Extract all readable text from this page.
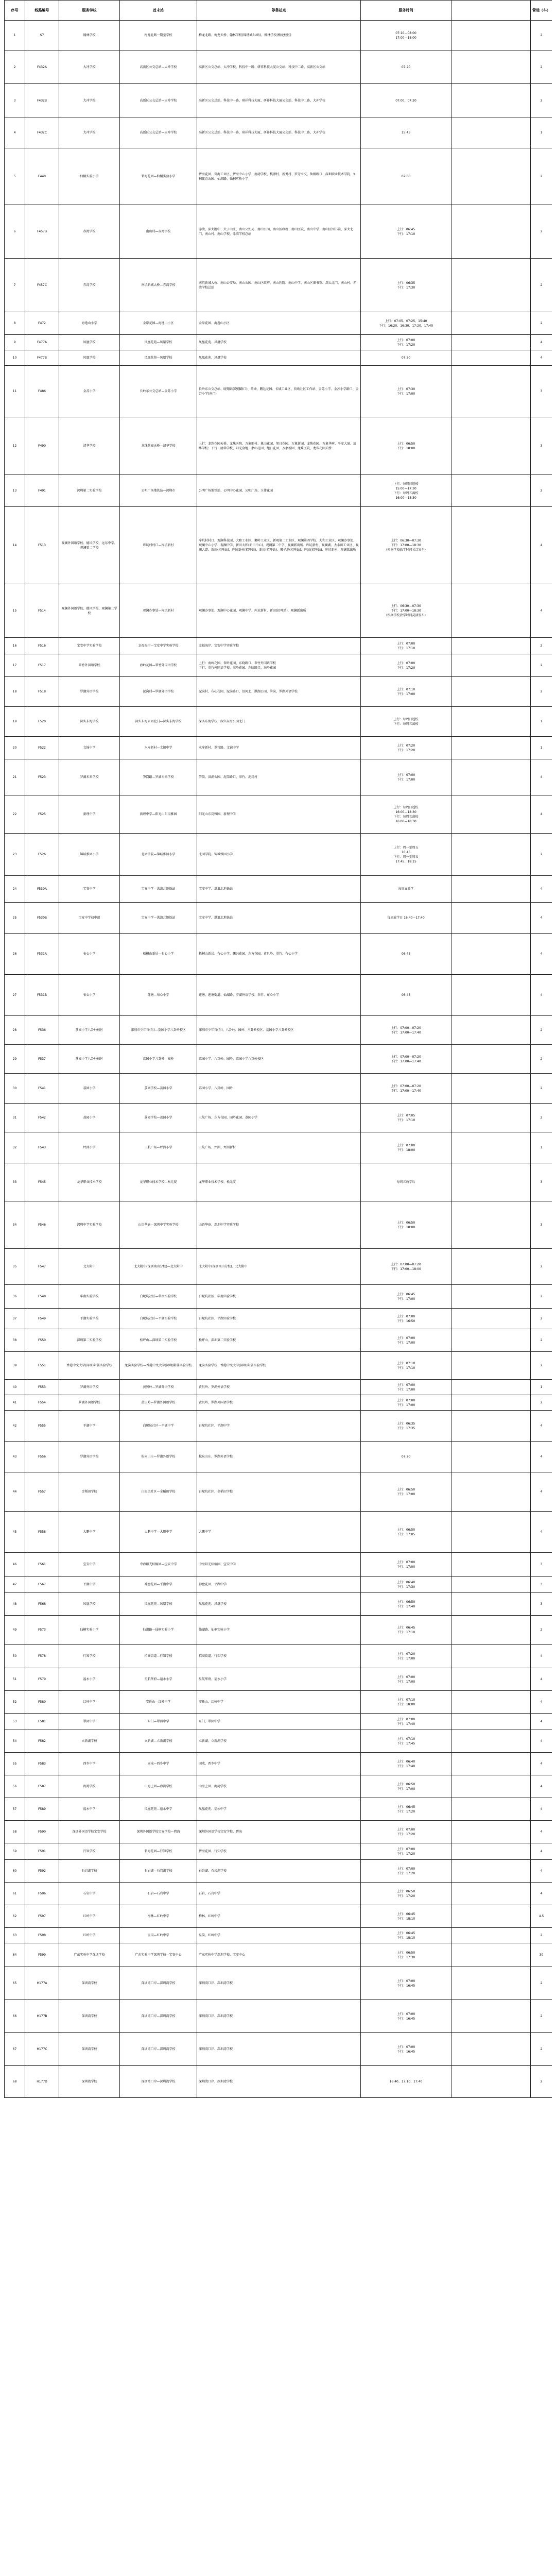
序号	线路编号	服务学校	首末站	停靠站点	服务时间		营运（车）
1	S7	翰林学校	梅龙北路一期至学校	梅龙北路、梅龙天桥、翰林学校(锦绣城BU站)、翰林学校(梅龙校区)	07:10—08:00
17:00—18:00		2
2	F432A	大冲学校	高新区公交总站—大冲学校	高新区公交总站、大冲学校、科技中一路、研祥科技大厦公交站、科技中二路、高新区公交站	07:20		2
3	F432B	大冲学校	高新区公交总站—大冲学校	高新区公交总站、科技中一路、研祥科技大厦、研祥科技大厦公交站、科技中二路、大冲学校	07:00、07:20		2
4	F432C	大冲学校	高新区公交总站—大冲学校	高新区公交总站、科技中一路、研祥科技大厦、研祥科技大厦公交站、科技中二路、大冲学校	15:45		1
5	F440	仙桐实验小学	碧海花园—仙桐实验小学	碧海花园、碧海工业区、碧海中心小学、南湾学校、桃源村、新秀村、罗芳立交、仙桐路口、深圳职业技术学院、仙桐体育公园、仙湖路、仙桐实验小学	07:00		2
6	F457B	赤湾学校	南山村—赤湾学校	赤湾、深大附中、太子山庄、南山公安局、南山公园、南山区政府、南山医院、南山中学、南山区图书馆、深大北门、南山村、南山学校、赤湾学校总站	上行：06:45
下行：17:10		2
7	F457C	赤湾学校	南坑新城大桥—赤湾学校	南坑新城大桥、南山公安局、南山公园、南山区政府、南山医院、南山中学、南山区图书馆、深大北门、南山村、赤湾学校总站	上行：06:35
下行：17:30		2
8	F472	海逸山小学	金岸花园—海逸山小区	金岸花园、海逸山小区	上行：07:05、07:25、15:40
下行：16:20、16:30、17:20、17:40		2
9	F477A	凤凰学校	凤凰花苑—凤凰学校	凤凰花苑、凤凰学校	上行：07:00
下行：17:20		4
10	F477B	凤凰学校	凤凰花苑—凤凰学校	凤凰花苑、凤凰学校	07:20		4
11	F486	金苏小学	长岭东公交总站—金苏小学	长岭东公交总站、晓翔站(晓翔路口)、荷坳、鹏达花园、长城工业区、荷坳社区工作站、金苏小学、金苏小学路口、金苏小学(南门)	上行：07:30
下行：17:00		3
12	F490	清华学校	龙珠花园天桥—清华学校	上行：龙珠花园天桥、龙珠医院、万象旧村、象山花园、旭日花园、万象新园、龙珠花园、万象华府、平安大厦、清华学校；下行：清华学校、阳光金地、象山花园、旭日花园、万象新园、龙珠医院、龙珠花园天桥	上行：06:50
下行：18:00		3
13	F491	深圳第二实验学校	公明广场地铁站—深圳市	公明广场地铁站、公明中心花园、公明广场、玉律花园	上行：每周日返校
15:00—17:30
下行：每周五离校
16:00—18:30		2
14	F513	观澜外国语学校、德风学校、远东中学、观澜第二学校	库坑村村口—库坑新村	库坑村村口、观澜科技园、大和工业区、狮岭工业区、新观第二工业区、观澜第四学校、大和工业区、观澜办事处、观澜中心小学、观澜中学、新田大和(新田中心)、观澜第二中学、观澜派出所、库坑新村、观澜湖、大水田工业区、观澜大道、新田(招呼站)、库坑新村(招呼站)、新田(招呼站)、狮子湖(招呼站)、库坑(招呼站)、库坑新村、观澜派出所	上行：06:30—07:30
下行：17:00—18:30
(根据学校放学时间灵活发车)		4
15	F514	观澜外国语学校、德风学校、观澜第二学校	观澜办事处—库坑新村	观澜办事处、观澜中心花园、观澜中学、库坑新村、新田(招呼站)、观澜派出所	上行：06:30—07:30
下行：17:00—18:30
(根据学校放学时间灵活发车)		4
16	F516	宝安中学实验学校	幸福海岸—宝安中学实验学校	幸福海岸、宝安中学实验学校	上行：07:00
下行：17:10		2
17	F517	翠竹外国语学校	海岭花园—翠竹外国语学校	上行：海岭花园、翠岭花园、东晓路口、翠竹外国语学校
下行：翠竹外国语学校、翠岭花园、东晓路口、海岭花园	上行：07:00
下行：17:20		2
18	F518	罗湖外语学校	泥岗村—罗湖外语学校	泥岗村、布心花园、泥岗路口、沿河北、洪湖公园、笋岗、罗湖外语学校	上行：07:10
下行：17:00		2
19	F520	深实东海学校	深实东海公园北门—深实东海学校	深实东海学校、深实东海公园北门	上行：每周日返校
下行：每周五离校		1
20	F522	文锦中学	水库新村—文锦中学	水库新村、翠竹路、文锦中学	上行：07:20
下行：17:20		1
21	F523	罗湖未来学校	笋岗路—罗湖未来学校	笋岗、洪湖公园、泥岗路口、翠竹、泥岗村	上行：07:00
下行：17:00		4
22	F525	新理中学	新理中学—阳光山东岗雅园	阳光山东岗雅园、新理中学	上行：每周日返校
16:00—18:30
下行：每周五离校
16:00—18:30		4
23	F526	锦城雅园小学	北园学院—锦城雅园小学	北园学院、锦城雅园小学	上行：周一至周五
16:45
下行：周一至周五
17:45、18:15		2
24	F530A	宝安中学	宝安中学—洪浪北地铁站	宝安中学、洪浪北地铁站	每周五放学		4
25	F530B	宝安中学初中部	宝安中学—洪浪北地铁站	宝安中学、洪浪北地铁站	每周放学日 16:40—17:40		4
26	F531A	布心小学	梧桐山新居—布心小学	梧桐山新居、布心小学、鹏兴花园、东方花园、黄贝岭、翠竹、布心小学	06:45		4
27	F531B	布心小学	莲塘—布心小学	莲塘、莲塘街道、仙湖路、罗湖外语学校、翠竹、布心小学	06:45		4
28	F536	荔园小学八卦岭校区	深圳市少年宫(东)—荔园小学八卦岭校区	深圳市少年宫(东)、八卦岭、园岭、八卦岭校区、荔园小学八卦岭校区	上行：07:00—07:20
下行：17:00—17:40		2
29	F537	荔园小学八卦岭校区	荔园小学八卦岭—园岭	荔园小学、八卦岭、园岭、荔园小学八卦岭校区	上行：07:00—07:20
下行：17:00—17:40		2
30	F541	荔园小学	荔园学校—荔园小学	荔园小学、八卦岭、园岭	上行：07:00—07:20
下行：17:00—17:40		2
31	F542	荔园小学	荔园学校—荔园小学	三航广场、东方花园、园岭花园、荔园小学	上行：07:05
下行：17:10		2
32	F543	坪洲小学	三航广场—坪洲小学	三航广场、坪洲、坪洲新村	上行：07:00
下行：18:00		1
33	F545	龙华职业技术学校	龙华职业技术学校—松元厦	龙华职业技术学校、松元厦	每周五放学后		3
34	F546	深圳中学实验学校	山语华庭—深圳中学实验学校	山语华庭、深圳中学实验学校	上行：06:50
下行：18:00		3
35	F547	北大附中	北大附中(深圳南山分校)—北大附中	北大附中(深圳南山分校)、北大附中	上行：07:00—07:20
下行：17:00—18:00		2
36	F548	华南实验学校	白坭坑社区—华南实验学校	白坭坑社区、华南实验学校	上行：06:45
下行：17:00		2
37	F549	平湖实验学校	白坭坑社区—平湖实验学校	白坭坑社区、平湖实验学校	上行：07:00
下行：16:50		2
38	F550	深圳第二实验学校	松坪山—深圳第二实验学校	松坪山、深圳第二实验学校	上行：07:00
下行：17:00		2
39	F551	香港中文大学(深圳)附属实验学校	龙岗实验学校—香港中文大学(深圳)附属实验学校	龙岗实验学校、香港中文大学(深圳)附属实验学校	上行：07:10
下行：17:10		2
40	F553	罗湖外语学校	黄贝岭—罗湖外语学校	黄贝岭、罗湖外语学校	上行：07:00
下行：17:00		1
41	F554	罗湖外国语学校	黄贝岭—罗湖外国语学校	黄贝岭、罗湖外国语学校	上行：07:00
下行：17:00		2
42	F555	平湖中学	白坭坑社区—平湖中学	白坭坑社区、平湖中学	上行：06:35
下行：17:35		4
43	F556	罗湖外语学校	松泉山庄—罗湖外语学校	松泉山庄、罗湖外语学校	07:20		4
44	F557	金稻田学校	白坭坑社区—金稻田学校	白坭坑社区、金稻田学校	上行：06:50
下行：17:00		4
45	F558	大鹏中学	大鹏中学—大鹏中学	大鹏中学	上行：06:50
下行：17:05		4
46	F561	宝安中学	中海阳光棕榈园—宝安中学	中海阳光棕榈园、宝安中学	上行：07:00
下行：17:00		3
47	F567	平湖中学	神盘花园—平湖中学	神盘花园、平湖中学	上行：06:40
下行：17:30		3
48	F568	凤凰学校	凤凰花苑—凤凰学校	凤凰花苑、凤凰学校	上行：06:50
下行：17:40		3
49	F573	仙桐实验小学	仙湖路—仙桐实验小学	仙湖路、仙桐实验小学	上行：06:45
下行：17:10		2
50	F578	行知学校	招商街道—行知学校	招商街道、行知学校	上行：07:20
下行：17:00		4
51	F579	福永小学	星航华府—福永小学	星航华府、福永小学	上行：07:00
下行：17:00		4
52	F580	红岭中学	安托山—红岭中学	安托山、红岭中学	上行：07:10
下行：18:00		4
53	F581	翠园中学	东门—翠园中学	东门、翠园中学	上行：07:00
下行：17:40		4
54	F582	立新湖学校	立新湖—立新湖学校	立新湖、立新湖学校	上行：07:10
下行：17:45		4
55	F583	西乡中学	固戍—西乡中学	固戍、西乡中学	上行：06:40
下行：17:40		4
56	F587	海湾学校	山海上园—海湾学校	山海上园、海湾学校	上行：06:50
下行：17:00		4
57	F589	福永中学	凤凰花苑—福永中学	凤凰花苑、福永中学	上行：06:45
下行：17:20		4
58	F590	深圳外国语学校宝安学校	深圳外国语学校宝安学校—碧海	深圳外国语学校宝安学校、碧海	上行：07:00
下行：17:20		4
59	F591	行知学校	碧海花园—行知学校	碧海花园、行知学校	上行：07:00
下行：17:20		4
60	F592	石岩湖学校	石岩湖—石岩湖学校	石岩湖、石岩湖学校	上行：07:00
下行：17:20		4
61	F596	石岩中学	石岩—石岩中学	石岩、石岩中学	上行：06:50
下行：17:20		4
62	F597	红岭中学	梅林—红岭中学	梅林、红岭中学	上行：06:45
下行：18:10		4.5
63	F598	红岭中学	皇岗—红岭中学	皇岗、红岭中学	上行：06:45
下行：18:10		2
64	F599	广东实验中学深圳学校	广东实验中学深圳学校—宝安中心	广东实验中学深圳学校、宝安中心	上行：06:50
下行：17:30		30
65	H177A	深圳湾学校	深圳湾口岸—深圳湾学校	深圳湾口岸、深圳湾学校	上行：07:00
下行：16:45		2
66	H177B	深圳湾学校	深圳湾口岸—深圳湾学校	深圳湾口岸、深圳湾学校	上行：07:00
下行：16:45		2
67	H177C	深圳湾学校	深圳湾口岸—深圳湾学校	深圳湾口岸、深圳湾学校	上行：07:00
下行：16:45		2
68	H177D	深圳湾学校	深圳湾口岸—深圳湾学校	深圳湾口岸、深圳湾学校	16:40、17:10、17:40		2
